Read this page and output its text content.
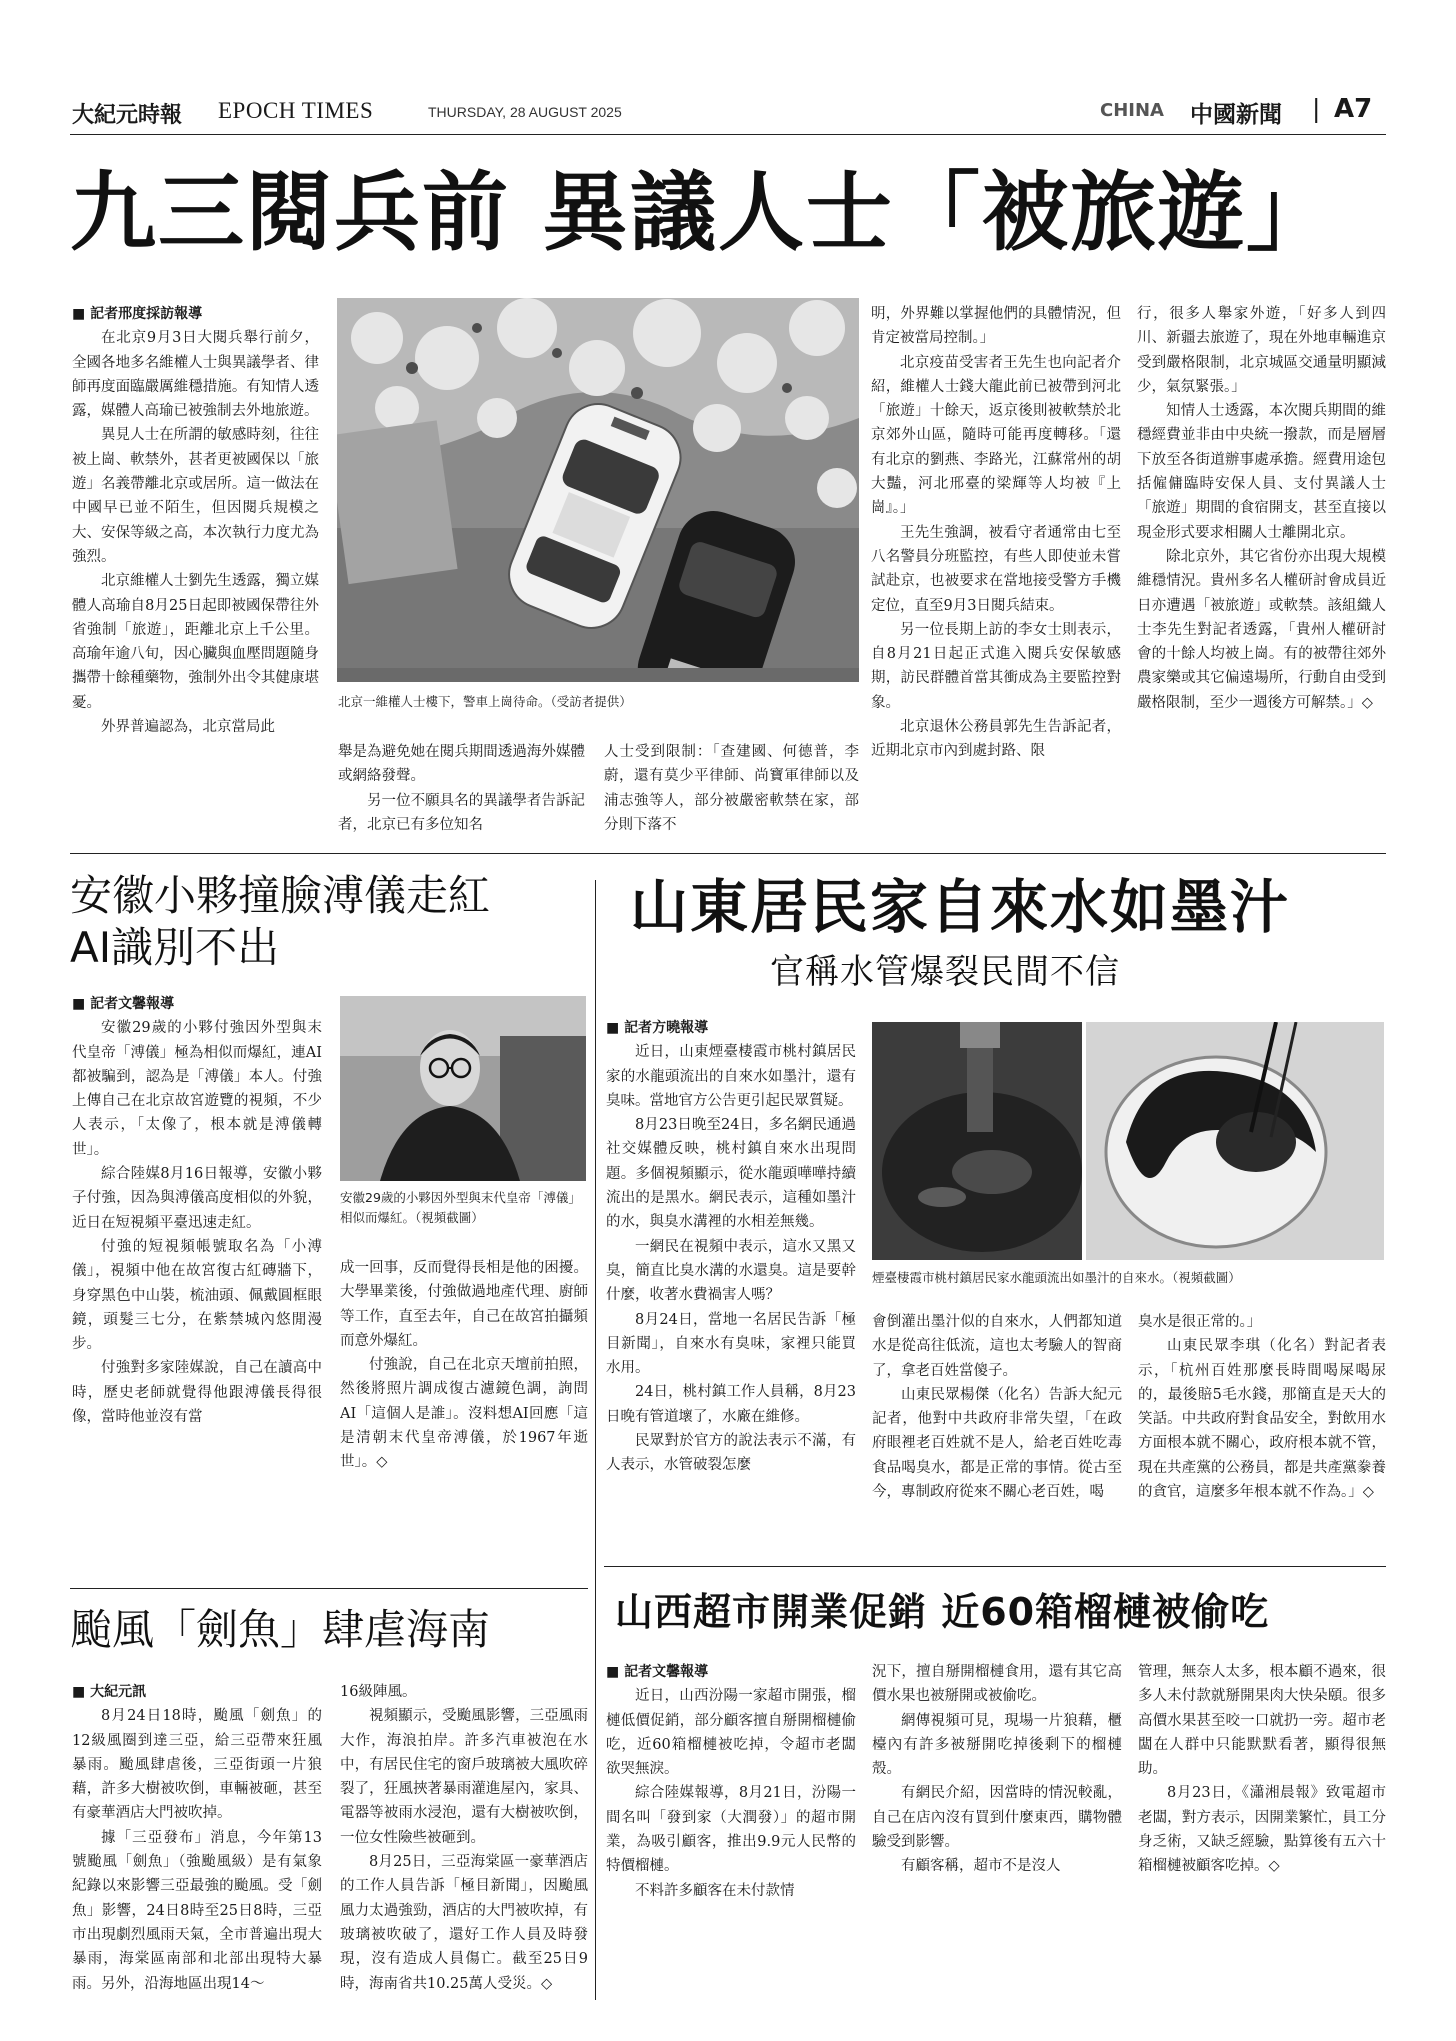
大紀元時報 EPOCH TIMES	THURSDAY, 28 AUGUST 2025	CHINA 中國新聞 | A7
九三閱兵前 異議人士「被旅遊」

■ 記者邢度採訪報導

在北京9月3日大閱兵舉行前夕，全國各地多名維權人士與異議學者、律師再度面臨嚴厲維穩措施。有知情人透露，媒體人高瑜已被強制去外地旅遊。

異見人士在所謂的敏感時刻，往往被上崗、軟禁外，甚者更被國保以「旅遊」名義帶離北京或居所。這一做法在中國早已並不陌生，但因閱兵規模之大、安保等級之高，本次執行力度尤為強烈。

北京維權人士劉先生透露，獨立媒體人高瑜自8月25日起即被國保帶往外省強制「旅遊」，距離北京上千公里。高瑜年逾八旬，因心臟與血壓問題隨身攜帶十餘種藥物，強制外出令其健康堪憂。

外界普遍認為，北京當局此

北京一維權人士樓下，警車上崗待命。（受訪者提供）

舉是為避免她在閱兵期間透過海外媒體或網絡發聲。

另一位不願具名的異議學者告訴記者，北京已有多位知名

人士受到限制：「查建國、何德普，李蔚，還有莫少平律師、尚寶軍律師以及浦志強等人，部分被嚴密軟禁在家，部分則下落不

明，外界難以掌握他們的具體情況，但肯定被當局控制。」

北京疫苗受害者王先生也向記者介紹，維權人士錢大龍此前已被帶到河北「旅遊」十餘天，返京後則被軟禁於北京郊外山區，隨時可能再度轉移。「還有北京的劉燕、李路光，江蘇常州的胡大豔，河北邢臺的梁輝等人均被『上崗』。」

王先生強調，被看守者通常由七至八名警員分班監控，有些人即使並未嘗試赴京，也被要求在當地接受警方手機定位，直至9月3日閱兵結束。

另一位長期上訪的李女士則表示，自8月21日起正式進入閱兵安保敏感期，訪民群體首當其衝成為主要監控對象。

北京退休公務員郭先生告訴記者，近期北京市內到處封路、限

行，很多人舉家外遊，「好多人到四川、新疆去旅遊了，現在外地車輛進京受到嚴格限制，北京城區交通量明顯減少，氣氛緊張。」

知情人士透露，本次閱兵期間的維穩經費並非由中央統一撥款，而是層層下放至各街道辦事處承擔。經費用途包括僱傭臨時安保人員、支付異議人士「旅遊」期間的食宿開支，甚至直接以現金形式要求相關人士離開北京。

除北京外，其它省份亦出現大規模維穩情況。貴州多名人權研討會成員近日亦遭遇「被旅遊」或軟禁。該組織人士李先生對記者透露，「貴州人權研討會的十餘人均被上崗。有的被帶往郊外農家樂或其它偏遠場所，行動自由受到嚴格限制，至少一週後方可解禁。」◇

安徽小夥撞臉溥儀走紅
AI識別不出

■ 記者文馨報導

安徽29歲的小夥付強因外型與末代皇帝「溥儀」極為相似而爆紅，連AI都被騙到，認為是「溥儀」本人。付強上傳自己在北京故宮遊覽的視頻，不少人表示，「太像了，根本就是溥儀轉世」。

綜合陸媒8月16日報導，安徽小夥子付強，因為與溥儀高度相似的外貌，近日在短視頻平臺迅速走紅。

付強的短視頻帳號取名為「小溥儀」，視頻中他在故宮復古紅磚牆下，身穿黑色中山裝，梳油頭、佩戴圓框眼鏡，頭髮三七分，在紫禁城內悠閒漫步。

付強對多家陸媒說，自己在讀高中時，歷史老師就覺得他跟溥儀長得很像，當時他並沒有當

安徽29歲的小夥因外型與末代皇帝「溥儀」相似而爆紅。（視頻截圖）

成一回事，反而覺得長相是他的困擾。大學畢業後，付強做過地產代理、廚師等工作，直至去年，自己在故宮拍攝頻而意外爆紅。

付強說，自己在北京天壇前拍照，然後將照片調成復古濾鏡色調，詢問AI「這個人是誰」。沒料想AI回應「這是清朝末代皇帝溥儀，於1967年逝世」。◇

颱風「劍魚」肆虐海南

■ 大紀元訊

8月24日18時，颱風「劍魚」的12級風圈到達三亞，給三亞帶來狂風暴雨。颱風肆虐後，三亞街頭一片狼藉，許多大樹被吹倒，車輛被砸，甚至有豪華酒店大門被吹掉。

據「三亞發布」消息，今年第13號颱風「劍魚」（強颱風級）是有氣象紀錄以來影響三亞最強的颱風。受「劍魚」影響，24日8時至25日8時，三亞市出現劇烈風雨天氣，全市普遍出現大暴雨，海棠區南部和北部出現特大暴雨。另外，沿海地區出現14～

16級陣風。

視頻顯示，受颱風影響，三亞風雨大作，海浪拍岸。許多汽車被泡在水中，有居民住宅的窗戶玻璃被大風吹碎裂了，狂風挾著暴雨灌進屋內，家具、電器等被雨水浸泡，還有大樹被吹倒，一位女性險些被砸到。

8月25日，三亞海棠區一豪華酒店的工作人員告訴「極目新聞」，因颱風風力太過強勁，酒店的大門被吹掉，有玻璃被吹破了，還好工作人員及時發現，沒有造成人員傷亡。截至25日9時，海南省共10.25萬人受災。◇

山東居民家自來水如墨汁
官稱水管爆裂民間不信

■ 記者方曉報導

近日，山東煙臺棲霞市桃村鎮居民家的水龍頭流出的自來水如墨汁，還有臭味。當地官方公告更引起民眾質疑。

8月23日晚至24日，多名網民通過社交媒體反映，桃村鎮自來水出現問題。多個視頻顯示，從水龍頭嘩嘩持續流出的是黑水。網民表示，這種如墨汁的水，與臭水溝裡的水相差無幾。

一網民在視頻中表示，這水又黑又臭，簡直比臭水溝的水還臭。這是要幹什麼，收著水費禍害人嗎？

8月24日，當地一名居民告訴「極目新聞」，自來水有臭味，家裡只能買水用。

24日，桃村鎮工作人員稱，8月23日晚有管道壞了，水廠在維修。

民眾對於官方的說法表示不滿，有人表示，水管破裂怎麼

煙臺棲霞市桃村鎮居民家水龍頭流出如墨汁的自來水。（視頻截圖）

會倒灌出墨汁似的自來水，人們都知道水是從高往低流，這也太考驗人的智商了，拿老百姓當傻子。

山東民眾楊傑（化名）告訴大紀元記者，他對中共政府非常失望，「在政府眼裡老百姓就不是人，給老百姓吃毒食品喝臭水，都是正常的事情。從古至今，專制政府從來不關心老百姓，喝

臭水是很正常的。」

山東民眾李琪（化名）對記者表示，「杭州百姓那麼長時間喝屎喝尿的，最後賠5毛水錢，那簡直是天大的笑話。中共政府對食品安全，對飲用水方面根本就不關心，政府根本就不管，現在共產黨的公務員，都是共產黨豢養的貪官，這麼多年根本就不作為。」◇

山西超市開業促銷 近60箱榴槤被偷吃

■ 記者文馨報導

近日，山西汾陽一家超市開張，榴槤低價促銷，部分顧客擅自掰開榴槤偷吃，近60箱榴槤被吃掉，令超市老闆欲哭無淚。

綜合陸媒報導，8月21日，汾陽一間名叫「發到家（大潤發）」的超市開業，為吸引顧客，推出9.9元人民幣的特價榴槤。

不料許多顧客在未付款情

況下，擅自掰開榴槤食用，還有其它高價水果也被掰開或被偷吃。

網傳視頻可見，現場一片狼藉，櫃檯內有許多被掰開吃掉後剩下的榴槤殼。

有網民介紹，因當時的情況較亂，自己在店內沒有買到什麼東西，購物體驗受到影響。

有顧客稱，超市不是沒人

管理，無奈人太多，根本顧不過來，很多人未付款就掰開果肉大快朵頤。很多高價水果甚至咬一口就扔一旁。超市老闆在人群中只能默默看著，顯得很無助。

8月23日，《瀟湘晨報》致電超市老闆，對方表示，因開業繁忙，員工分身乏術，又缺乏經驗，點算後有五六十箱榴槤被顧客吃掉。◇
